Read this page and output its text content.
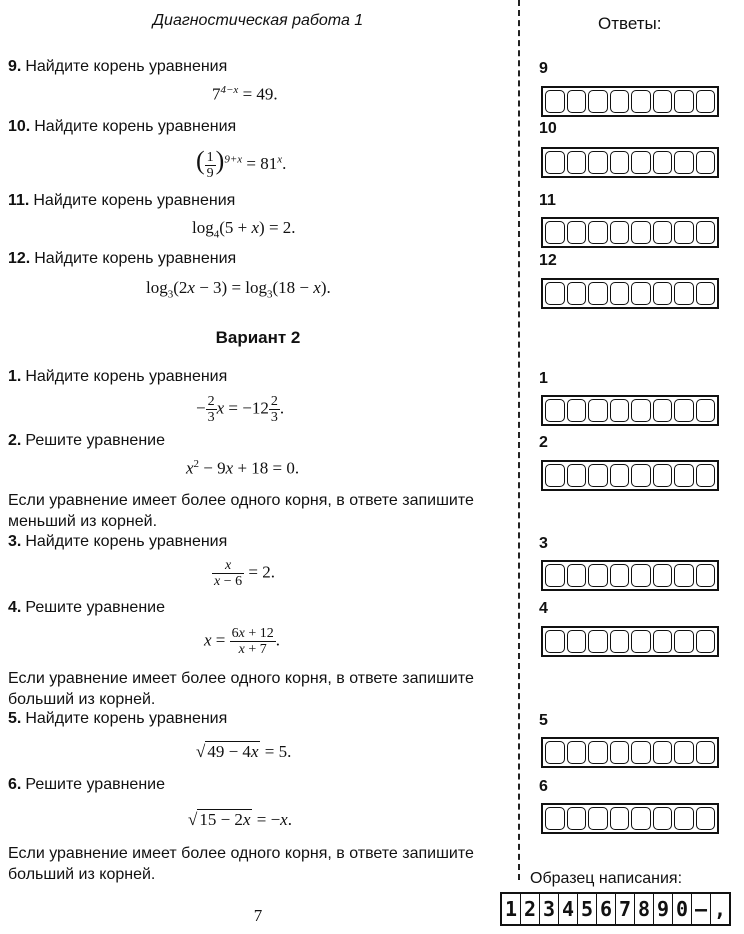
Диагностическая работа 1	Ответы:
9. Найдите корень уравнения
$7^{4-x} = 49$.
10. Найдите корень уравнения
( $\frac{1}{9} )^{9+x} = 81^x$.
11. Найдите корень уравнения
$\log_4(5 + x) = 2$.
12. Найдите корень уравнения
$\log_3(2x - 3) = \log_3(18 - x)$.
Вариант 2
1. Найдите корень уравнения
− $\frac{2}{3}$ $x = -12 \frac{2}{3}$ .
2. Решите уравнение
$x^2 - 9x + 18 = 0$.
Если уравнение имеет более одного корня, в ответе запишите меньший из корней.
3. Найдите корень уравнения
$\frac{x}{x - 6} = 2$.
4. Решите уравнение
$x = \frac{6x + 12}{x + 7}$ .
Если уравнение имеет более одного корня, в ответе запишите больший из корней.
5. Найдите корень уравнения
√ 49 − 4x = 5.
6. Решите уравнение
√ 15 − 2x = −x.
Если уравнение имеет более одного корня, в ответе запишите больший из корней.
9
10
11
12
1
2
3
4
5
6
Образец написания:
1 2 3 4 5 6 7 8 9 0 – ,
7
